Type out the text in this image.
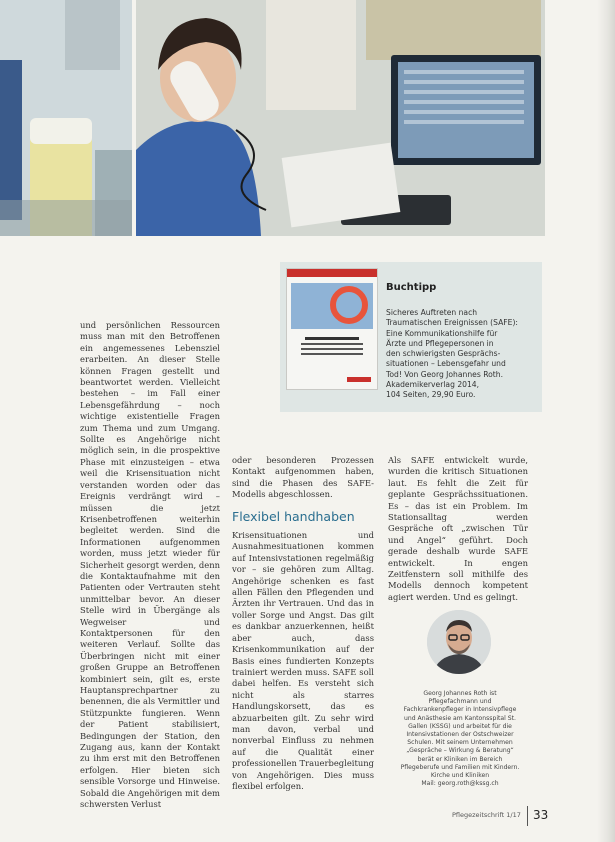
Buchtipp
Sicheres Auftreten nach
Traumatischen Ereignissen (SAFE):
Eine Kommunikationshilfe für
Ärzte und Pflegepersonen in
den schwierigsten Gesprächs-
situationen – Lebensgefahr und
Tod! Von Georg Johannes Roth.
Akademikerverlag 2014,
104 Seiten, 29,90 Euro.

und persönlichen Ressourcen muss man mit den Betroffenen ein angemessenes Lebensziel erarbeiten. An dieser Stelle können Fragen gestellt und beantwortet werden. Vielleicht bestehen – im Fall einer Lebensgefährdung – noch wichtige existentielle Fragen zum Thema und zum Umgang. Sollte es Angehörige nicht möglich sein, in die prospektive Phase mit einzusteigen – etwa weil die Krisensituation nicht verstanden worden oder das Ereignis verdrängt wird – müssen die jetzt Krisenbetroffenen weiterhin begleitet werden. Sind die Informationen aufgenommen worden, muss jetzt wieder für Sicherheit gesorgt werden, denn die Kontaktaufnahme mit den Patienten oder Vertrauten steht unmittelbar bevor. An dieser Stelle wird in Übergänge als Wegweiser und Kontaktpersonen für den weiteren Verlauf. Sollte das Überbringen nicht mit einer großen Gruppe an Betroffenen kombiniert sein, gilt es, erste Hauptansprechpartner zu benennen, die als Vermittler und Stützpunkte fungieren. Wenn der Patient stabilisiert, Bedingungen der Station, den Zugang aus, kann der Kontakt zu ihm erst mit den Betroffenen erfolgen. Hier bieten sich sensible Vorsorge und Hinweise. Sobald die Angehörigen mit dem schwersten Verlust

oder besonderen Prozessen Kontakt aufgenommen haben, sind die Phasen des SAFE-Modells abgeschlossen.

Flexibel handhaben

Krisensituationen und Ausnahmesituationen kommen auf Intensivstationen regelmäßig vor – sie gehören zum Alltag. Angehörige schenken es fast allen Fällen den Pflegenden und Ärzten ihr Vertrauen. Und das in voller Sorge und Angst. Das gilt es dankbar anzuerkennen, heißt aber auch, dass Krisenkommunikation auf der Basis eines fundierten Konzepts trainiert werden muss. SAFE soll dabei helfen. Es versteht sich nicht als starres Handlungskorsett, das es abzuarbeiten gilt. Zu sehr wird man davon, verbal und nonverbal Einfluss zu nehmen auf die Qualität einer professionellen Trauerbegleitung von Angehörigen. Dies muss flexibel erfolgen.

Als SAFE entwickelt wurde, wurden die kritisch Situationen laut. Es fehlt die Zeit für geplante Gesprächssituationen. Es – das ist ein Problem. Im Stationsalltag werden Gespräche oft „zwischen Tür und Angel“ geführt. Doch gerade deshalb wurde SAFE entwickelt. In engen Zeitfenstern soll mithilfe des Modells dennoch kompetent agiert werden. Und es gelingt.

Georg Johannes Roth ist Pflegefachmann und Fachkrankenpfleger in Intensivpflege und Anästhesie am Kantonsspital St. Gallen (KSSG) und arbeitet für die Intensivstationen der Ostschweizer Schulen. Mit seinem Unternehmen „Gespräche – Wirkung & Beratung“ berät er Kliniken im Bereich Pflegeberufe und Familien mit Kindern.
Kirche und Kliniken
Mail: georg.roth@kssg.ch
Pflegezeitschrift 1/17 33
